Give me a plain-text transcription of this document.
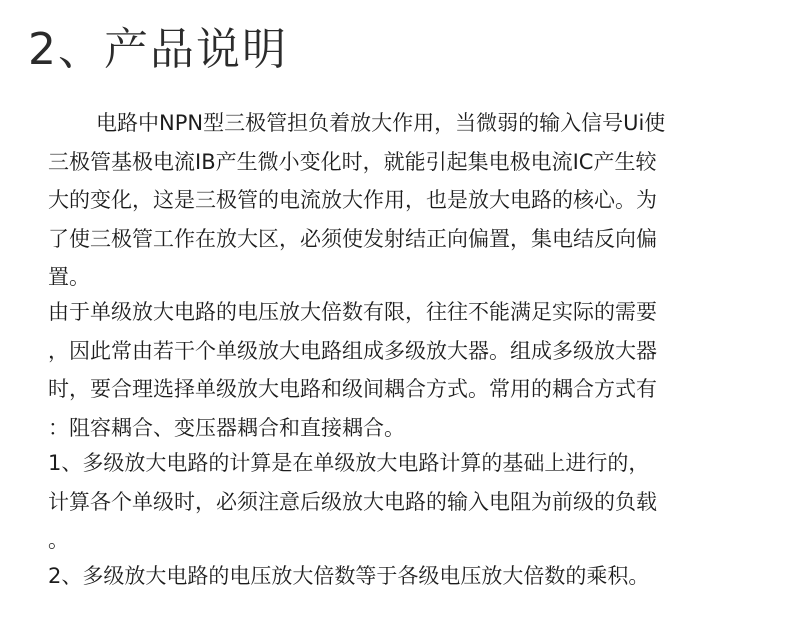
2、产品说明
电路中NPN型三极管担负着放大作用，当微弱的输入信号Ui使
三极管基极电流IB产生微小变化时，就能引起集电极电流IC产生较
大的变化，这是三极管的电流放大作用，也是放大电路的核心。为
了使三极管工作在放大区，必须使发射结正向偏置，集电结反向偏
置。
由于单级放大电路的电压放大倍数有限，往往不能满足实际的需要
，因此常由若干个单级放大电路组成多级放大器。组成多级放大器
时，要合理选择单级放大电路和级间耦合方式。常用的耦合方式有
：阻容耦合、变压器耦合和直接耦合。
1、多级放大电路的计算是在单级放大电路计算的基础上进行的，
计算各个单级时，必须注意后级放大电路的输入电阻为前级的负载
。
2、多级放大电路的电压放大倍数等于各级电压放大倍数的乘积。
